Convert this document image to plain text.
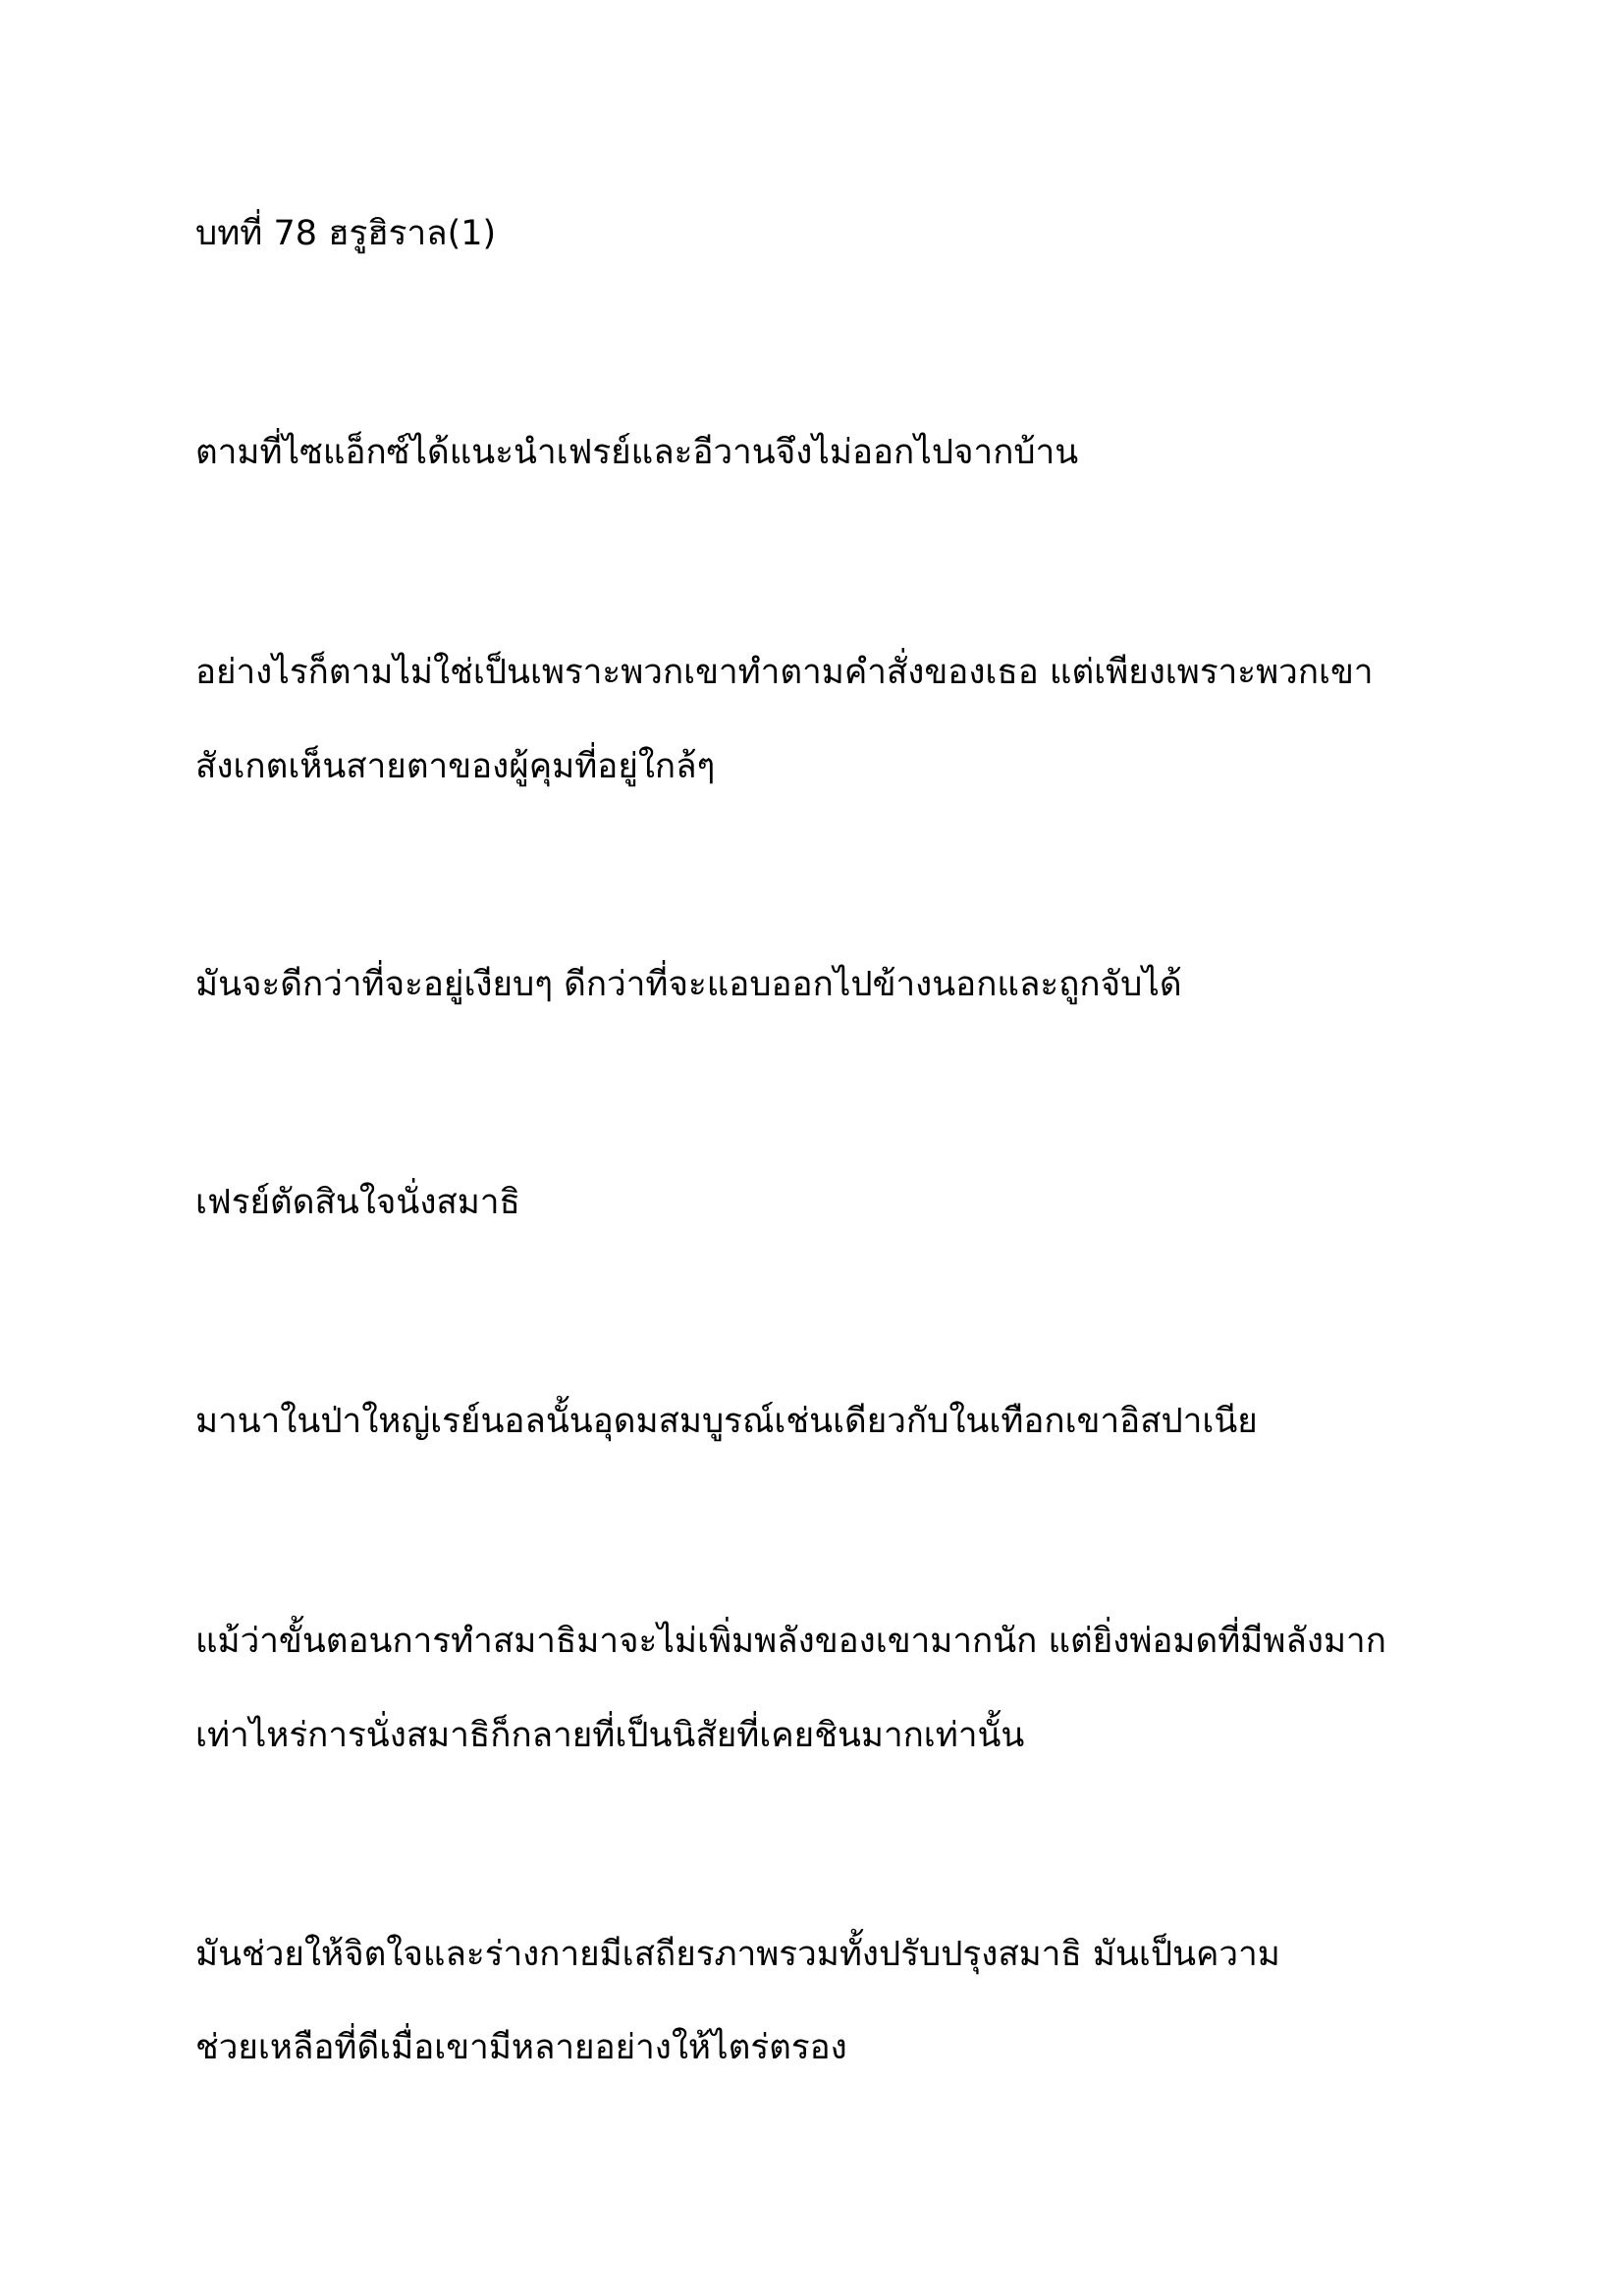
บทที่ 78 ฮรูฮิราล(1)

ตามที่ไซแอ็กซ์ได้แนะนำเฟรย์และอีวานจึงไม่ออกไปจากบ้าน

อย่างไรก็ตามไม่ใช่เป็นเพราะพวกเขาทำตามคำสั่งของเธอ แต่เพียงเพราะพวกเขา

สังเกตเห็นสายตาของผู้คุมที่อยู่ใกล้ๆ

มันจะดีกว่าที่จะอยู่เงียบๆ ดีกว่าที่จะแอบออกไปข้างนอกและถูกจับได้

เฟรย์ตัดสินใจนั่งสมาธิ

มานาในป่าใหญ่เรย์นอลนั้นอุดมสมบูรณ์เช่นเดียวกับในเทือกเขาอิสปาเนีย

แม้ว่าขั้นตอนการทำสมาธิมาจะไม่เพิ่มพลังของเขามากนัก แต่ยิ่งพ่อมดที่มีพลังมาก

เท่าไหร่การนั่งสมาธิก็กลายที่เป็นนิสัยที่เคยชินมากเท่านั้น

มันช่วยให้จิตใจและร่างกายมีเสถียรภาพรวมทั้งปรับปรุงสมาธิ มันเป็นความ

ช่วยเหลือที่ดีเมื่อเขามีหลายอย่างให้ไตร่ตรอง
